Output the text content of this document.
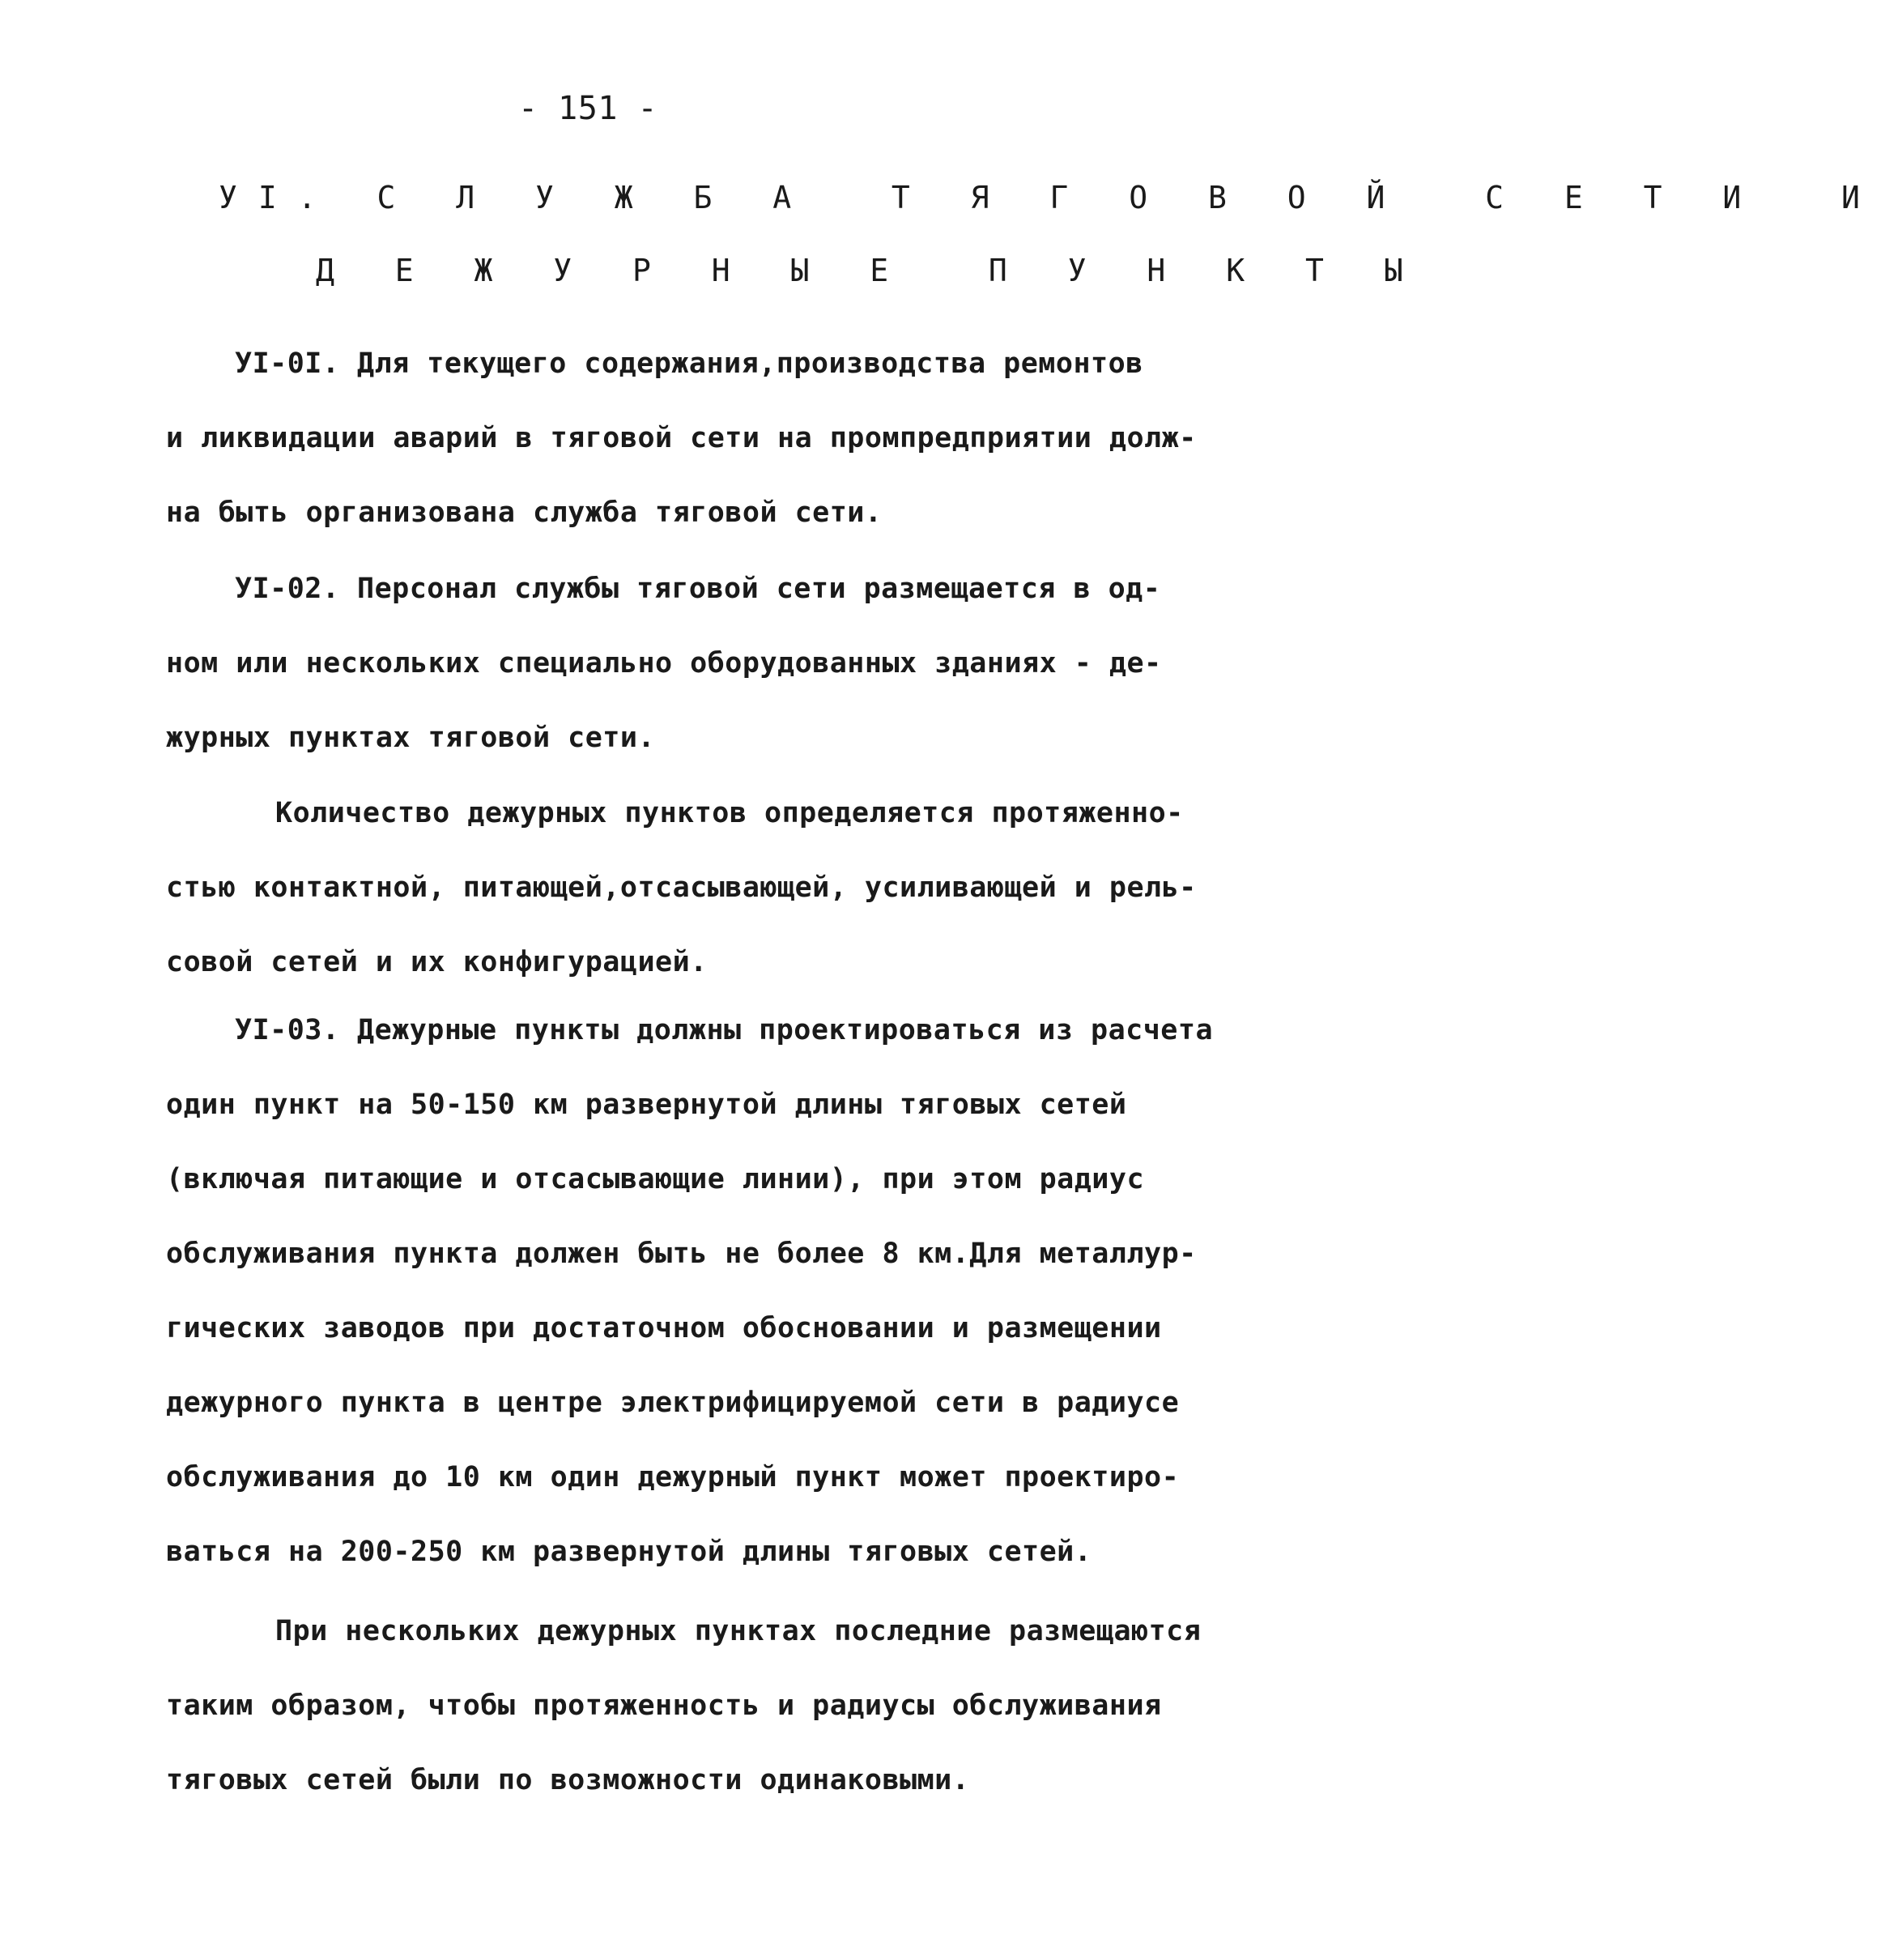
- 151 -
УI. С Л У Ж Б А  Т Я Г О В О Й  С Е Т И  И
Д Е Ж У Р Н Ы Е  П У Н К Т Ы
УI-0I. Для текущего содержания,производства ремонтов
и ликвидации аварий в тяговой сети на промпредприятии долж-
на быть организована служба тяговой сети.
УI-02. Персонал службы тяговой сети размещается в од-
ном или нескольких специально оборудованных зданиях - де-
журных пунктах тяговой сети.
Количество дежурных пунктов определяется протяженно-
стью контактной, питающей,отсасывающей, усиливающей и рель-
совой сетей и их конфигурацией.
УI-03. Дежурные пункты должны проектироваться из расчета
один пункт на 50-150 км развернутой длины тяговых сетей
(включая питающие и отсасывающие линии), при этом радиус
обслуживания пункта должен быть не более 8 км.Для металлур-
гических заводов при достаточном обосновании и размещении
дежурного пункта в центре электрифицируемой сети в радиусе
обслуживания до 10 км один дежурный пункт может проектиро-
ваться на 200-250 км развернутой длины тяговых сетей.
При нескольких дежурных пунктах последние размещаются
таким образом, чтобы протяженность и радиусы обслуживания
тяговых сетей были по возможности одинаковыми.
